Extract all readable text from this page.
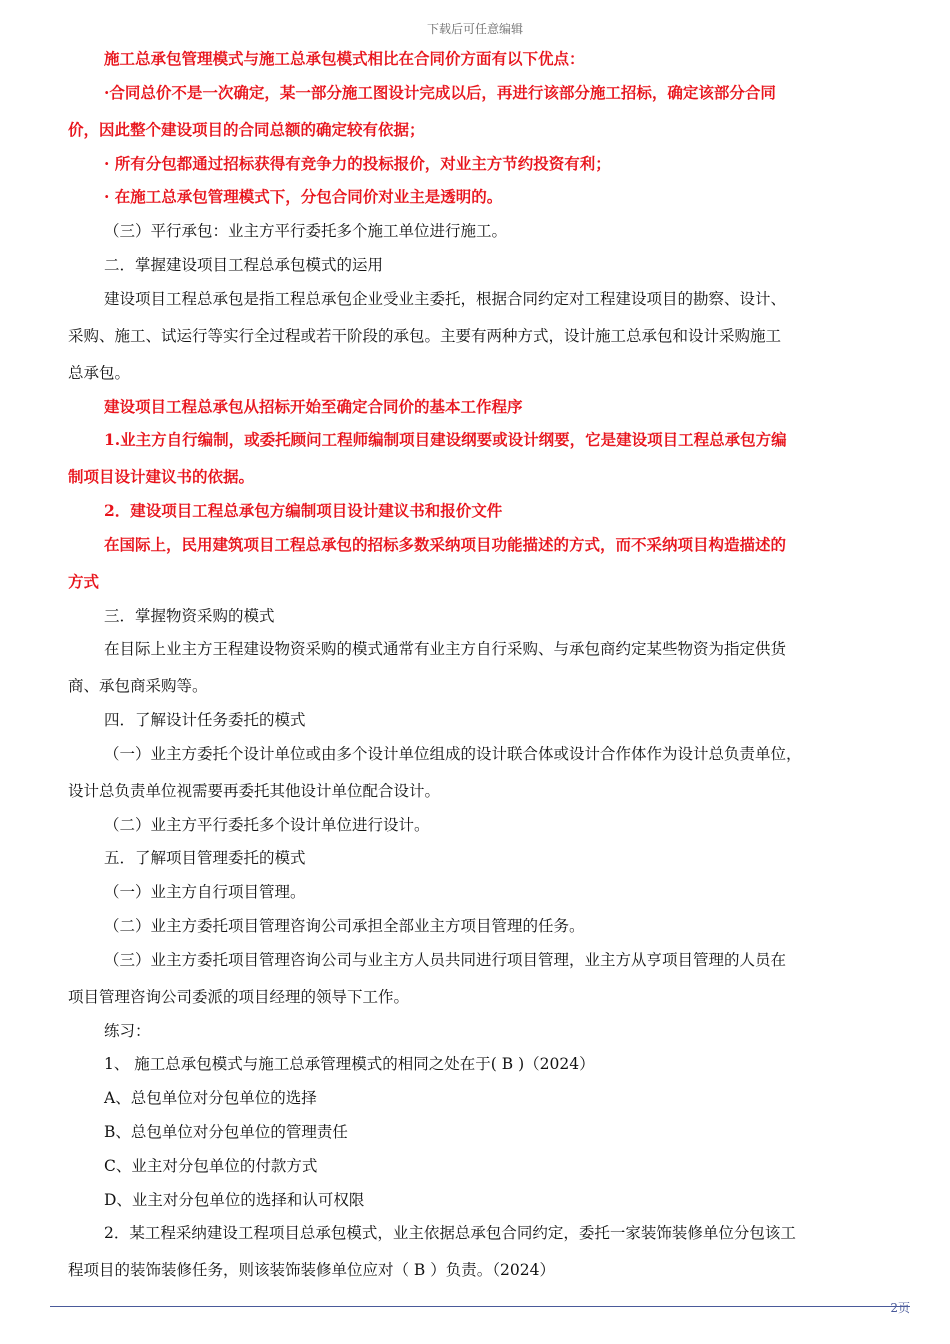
下载后可任意编辑
施工总承包管理模式与施工总承包模式相比在合同价方面有以下优点：
·合同总价不是一次确定，某一部分施工图设计完成以后，再进行该部分施工招标，确定该部分合同
价，因此整个建设项目的合同总额的确定较有依据；
· 所有分包都通过招标获得有竞争力的投标报价，对业主方节约投资有利；
· 在施工总承包管理模式下，分包合同价对业主是透明的。
（三）平行承包：业主方平行委托多个施工单位进行施工。
二．掌握建设项目工程总承包模式的运用
建设项目工程总承包是指工程总承包企业受业主委托，根据合同约定对工程建设项目的勘察、设计、
采购、施工、试运行等实行全过程或若干阶段的承包。主要有两种方式，设计施工总承包和设计采购施工
总承包。
建设项目工程总承包从招标开始至确定合同价的基本工作程序
1.业主方自行编制，或委托顾问工程师编制项目建设纲要或设计纲要，它是建设项目工程总承包方编
制项目设计建议书的依据。
2．建设项目工程总承包方编制项目设计建议书和报价文件
在国际上，民用建筑项目工程总承包的招标多数采纳项目功能描述的方式，而不采纳项目构造描述的
方式
三．掌握物资采购的模式
在目际上业主方王程建设物资采购的模式通常有业主方自行采购、与承包商约定某些物资为指定供货
商、承包商采购等。
四．了解设计任务委托的模式
（一）业主方委托个设计单位或由多个设计单位组成的设计联合体或设计合作体作为设计总负责单位，
设计总负责单位视需要再委托其他设计单位配合设计。
（二）业主方平行委托多个设计单位进行设计。
五．了解项目管理委托的模式
（一）业主方自行项目管理。
（二）业主方委托项目管理咨询公司承担全部业主方项目管理的任务。
（三）业主方委托项目管理咨询公司与业主方人员共同进行项目管理，业主方从亨项目管理的人员在
项目管理咨询公司委派的项目经理的领导下工作。
练习：
1、 施工总承包模式与施工总承管理模式的相同之处在于( B )（2024）
A、总包单位对分包单位的选择
B、总包单位对分包单位的管理责任
C、业主对分包单位的付款方式
D、业主对分包单位的选择和认可权限
2．某工程采纳建设工程项目总承包模式，业主依据总承包合同约定，委托一家装饰装修单位分包该工
程项目的装饰装修任务，则该装饰装修单位应对（ B ）负责。（2024）
2页
